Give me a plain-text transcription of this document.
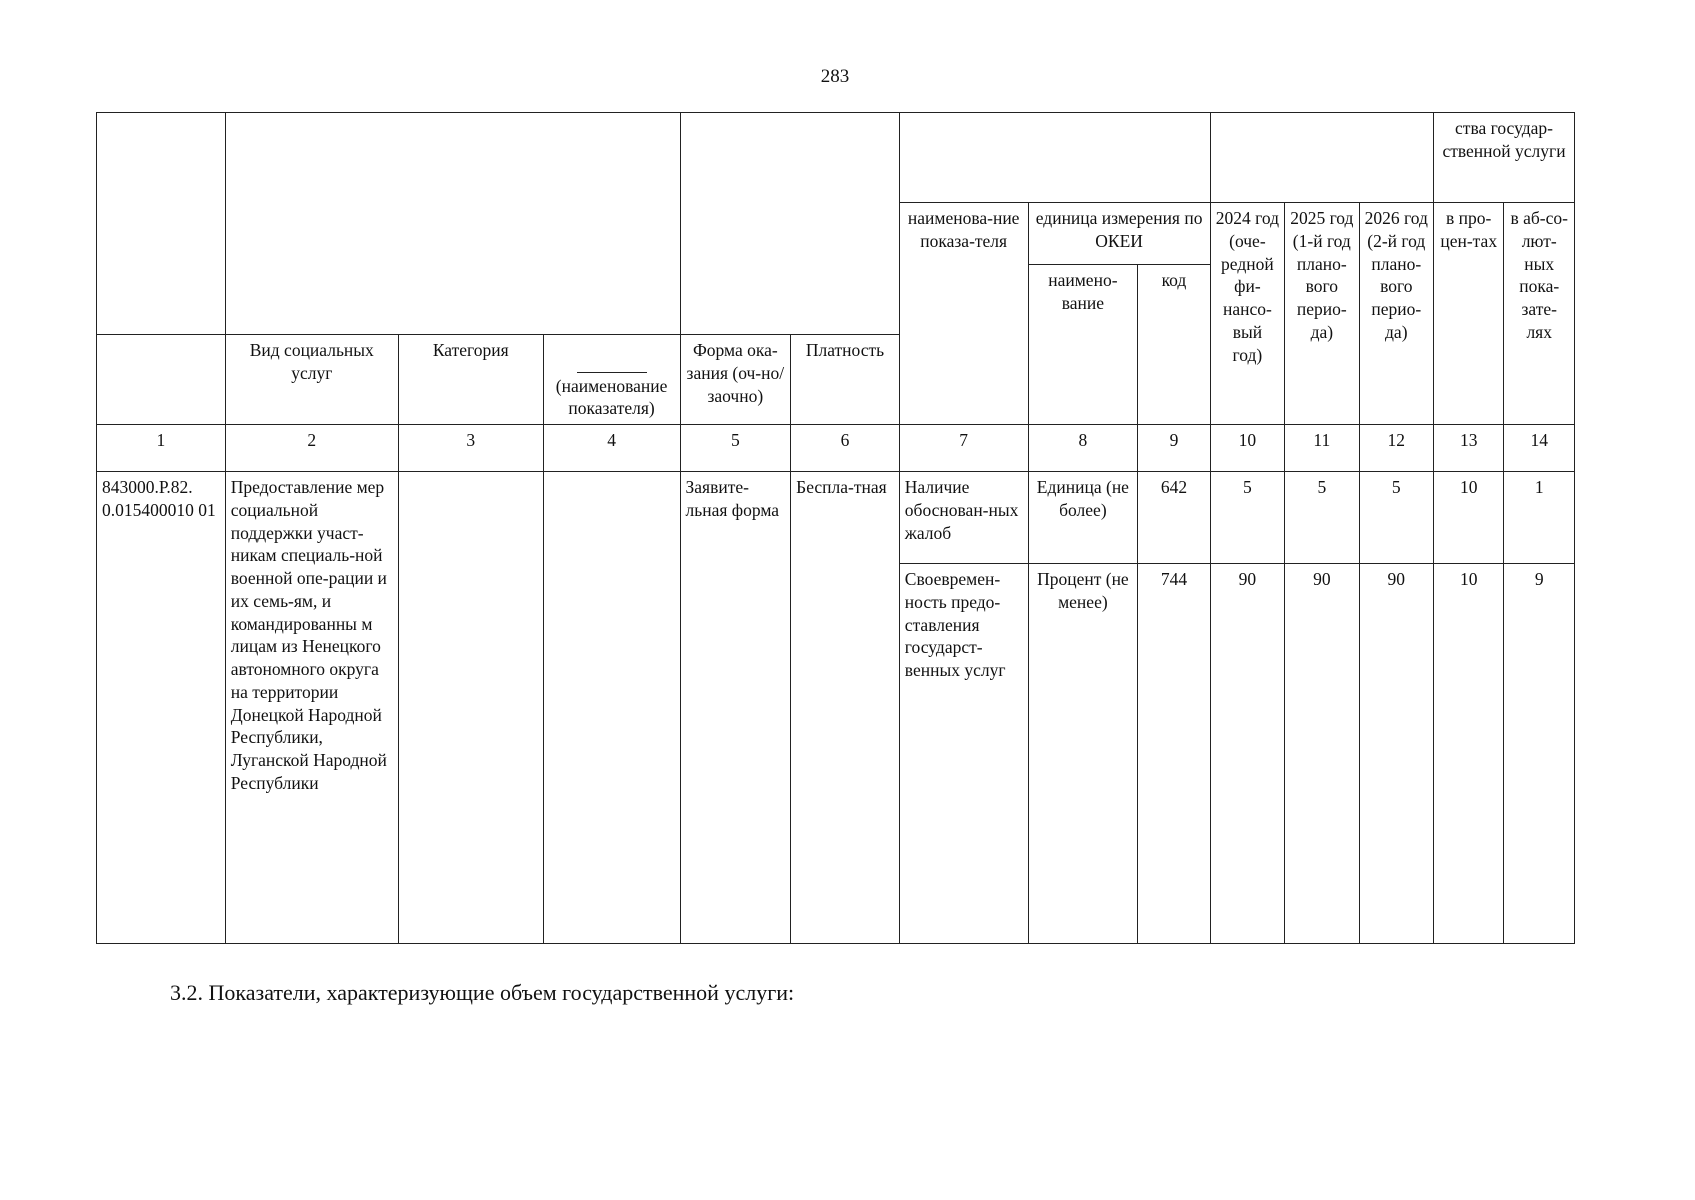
283
												ства государ-ственной услуги	
						наименова-ние показа-теля	единица измерения по ОКЕИ		2024 год (оче-редной фи-нансо-вый год)	2025 год (1-й год плано-вого перио-да)	2026 год (2-й год плано-вого перио-да)	в про-цен-тах	в аб-со-лют-ных пока-зате-лях
							наимено-вание	код					
	Вид социальных услуг	Категория	(наименование показателя)	Форма ока-зания (оч-но/заочно)	Платность								
1	2	3	4	5	6	7	8	9	10	11	12	13	14
843000.Р.82. 0.015400010 01	Предоставление мер социальной поддержки участ-никам специаль-ной военной опе-рации и их семь-ям, и командированны м лицам из Ненецкого автономного округа на территории Донецкой Народной Республики, Луганской Народной Республики			Заявите-льная форма	Бесплa-тная	Наличие обоснован-ных жалоб	Единица (не более)	642	5	5	5	10	1
						Своевремен-ность предо-ставления государст-венных услуг	Процент (не менее)	744	90	90	90	10	9
3.2. Показатели, характеризующие объем государственной услуги:
